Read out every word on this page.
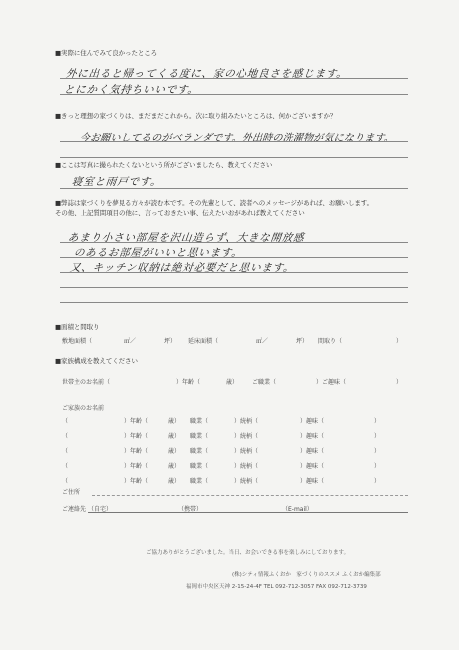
■実際に住んでみて良かったところ
外に出ると帰ってくる度に、家の心地良さを感じます。
とにかく気持ちいいです。
■きっと理想の家づくりは、まだまだこれから。次に取り組みたいところは、何かございますか？
今お願いしてるのがベランダです。外出時の洗濯物が気になります。
■ここは写真に撮られたくないという所がございましたら、教えてください
寝室と雨戸です。
■弊誌は家づくりを夢見る方々が読む本です。その先輩として、読者へのメッセージがあれば、お願いします。
その他、上記質問項目の他に、言っておきたい事、伝えたいおがあれば教えてください
あまり小さい部屋を沢山造らず、大きな開放感
のあるお部屋がいいと思います。
又、キッチン収納は絶対必要だと思います。
■面積と間取り
敷地面積（	㎡／	坪） 延床面積（	㎡／	坪） 間取り（	）
■家族構成を教えてください
世帯主のお名前（	）年齢（	歳） ご職業（	）ご趣味（	）
ご家族のお名前
（	）年齢（	歳） 職業（	）続柄（	）趣味（	）
（	）年齢（	歳） 職業（	）続柄（	）趣味（	）
（	）年齢（	歳） 職業（	）続柄（	）趣味（	）
（	）年齢（	歳） 職業（	）続柄（	）趣味（	）
（	）年齢（	歳） 職業（	）続柄（	）趣味（	）
ご住所
ご連絡先 （自宅）	（携帯）	（E-mail）
ご協力ありがとうございました。当日、お会いできる事を楽しみにしております。
(株)シティ情報ふくおか　家づくりのススメ ふくおか編集部
福岡市中央区天神 2-15-24-4F TEL 092-712-3057 FAX 092-712-3739
